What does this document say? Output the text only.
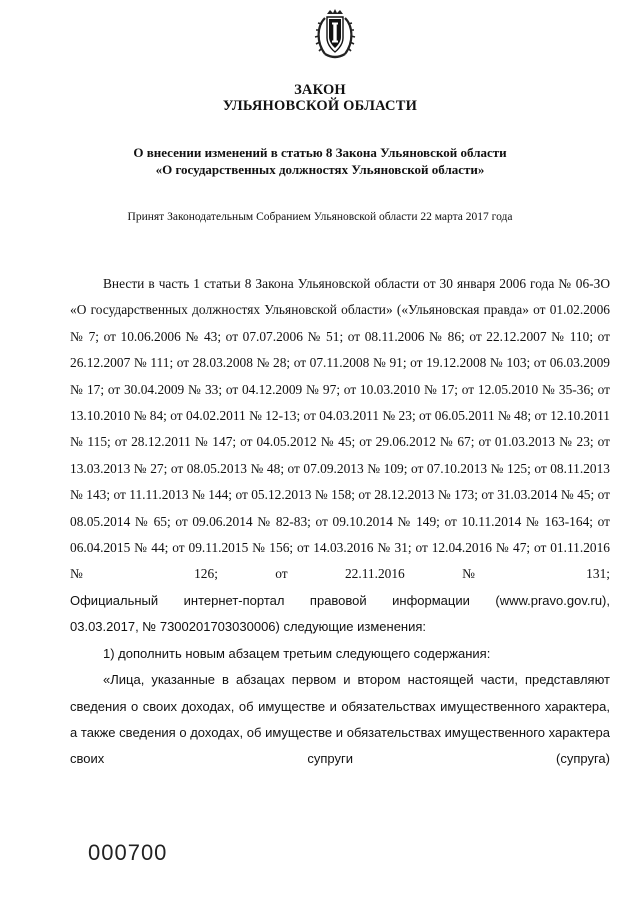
ЗАКОН
УЛЬЯНОВСКОЙ ОБЛАСТИ
О внесении изменений в статью 8 Закона Ульяновской области
«О государственных должностях Ульяновской области»
Принят Законодательным Собранием Ульяновской области 22 марта 2017 года

Внести в часть 1 статьи 8 Закона Ульяновской области от 30 января 2006 года № 06-ЗО «О государственных должностях Ульяновской области» («Ульяновская правда» от 01.02.2006 № 7; от 10.06.2006 № 43; от 07.07.2006 № 51; от 08.11.2006 № 86; от 22.12.2007 № 110; от 26.12.2007 № 111; от 28.03.2008 № 28; от 07.11.2008 № 91; от 19.12.2008 № 103; от 06.03.2009 № 17; от 30.04.2009 № 33; от 04.12.2009 № 97; от 10.03.2010 № 17; от 12.05.2010 № 35-36; от 13.10.2010 № 84; от 04.02.2011 № 12-13; от 04.03.2011 № 23; от 06.05.2011 № 48; от 12.10.2011 № 115; от 28.12.2011 № 147; от 04.05.2012 № 45; от 29.06.2012 № 67; от 01.03.2013 № 23; от 13.03.2013 № 27; от 08.05.2013 № 48; от 07.09.2013 № 109; от 07.10.2013 № 125; от 08.11.2013 № 143; от 11.11.2013 № 144; от 05.12.2013 № 158; от 28.12.2013 № 173; от 31.03.2014 № 45; от 08.05.2014 № 65; от 09.06.2014 № 82-83; от 09.10.2014 № 149; от 10.11.2014 № 163-164; от 06.04.2015 № 44; от 09.11.2015 № 156; от 14.03.2016 № 31; от 12.04.2016 № 47; от 01.11.2016 № 126; от 22.11.2016 № 131;

Официальный интернет-портал правовой информации (www.pravo.gov.ru),

03.03.2017, № 7300201703030006) следующие изменения:

1) дополнить новым абзацем третьим следующего содержания:

«Лица, указанные в абзацах первом и втором настоящей части, представляют сведения о своих доходах, об имуществе и обязательствах имущественного характера, а также сведения о доходах, об имуществе и обязательствах имущественного характера своих супруги (супруга)

000700
